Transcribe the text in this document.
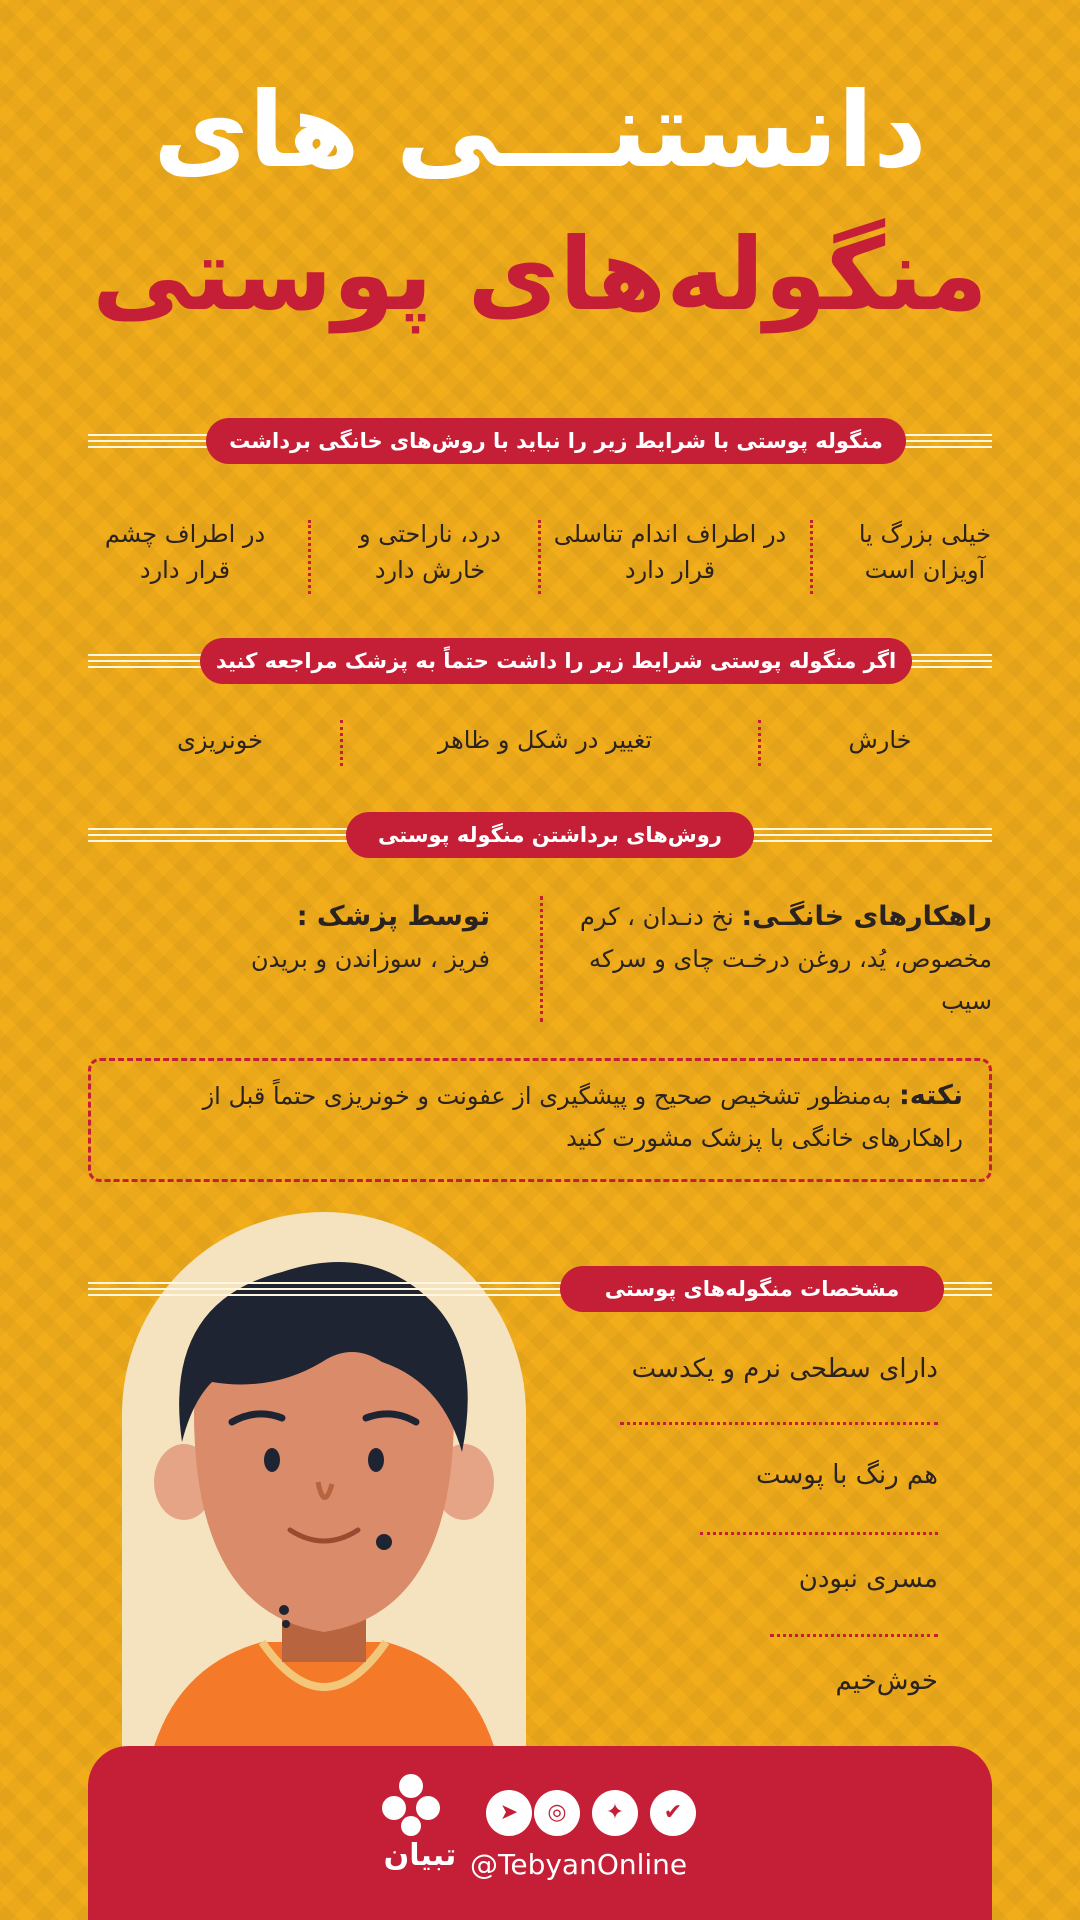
دانستنـــی های
منگوله‌های پوستی
منگوله پوستی با شرایط زیر را نباید با روش‌های خانگی برداشت
خیلی بزرگ یا آویزان است
در اطراف اندام تناسلی قرار دارد
درد، ناراحتی و خارش دارد
در اطراف چشم قرار دارد
اگر منگوله پوستی شرایط زیر را داشت حتماً به پزشک مراجعه کنید
خارش
تغییر در شکل و ظاهر
خونریزی
روش‌های برداشتن منگوله پوستی
راهکارهای خانگـی: نخ دنـدان ، کرم مخصوص، یُد، روغن درخـت چای و سرکه سیب
توسط پزشک :
فریز ، سوزاندن و بریدن
نکته: به‌منظور تشخیص صحیح و پیشگیری از عفونت و خونریزی حتماً قبل از راهکارهای خانگی با پزشک مشورت کنید
مشخصات منگوله‌های پوستی
دارای سطحی نرم و یکدست
هم رنگ با پوست
مسری نبودن
خوش‌خیم
تبیان
➤	◎	✦	✔
@TebyanOnline
